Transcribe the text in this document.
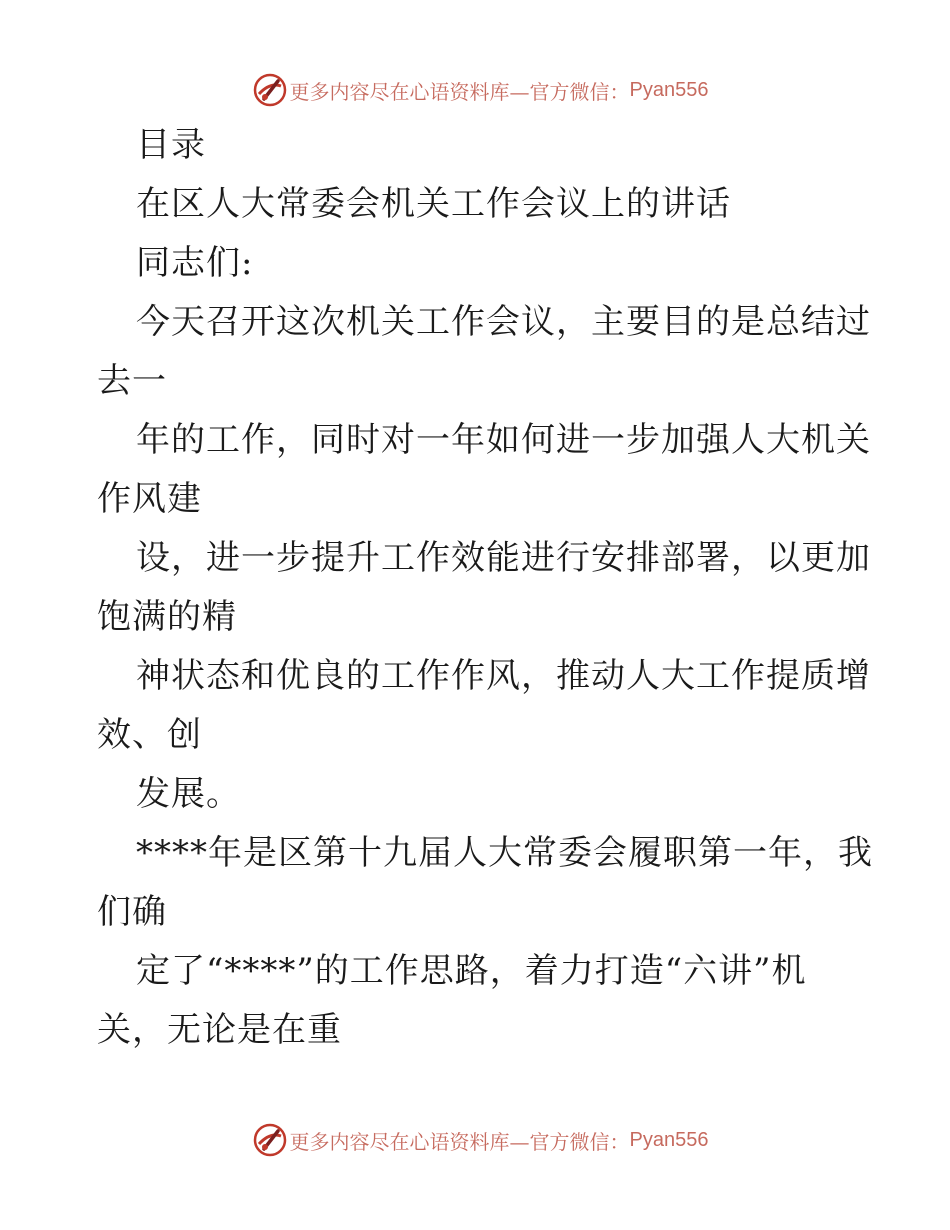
更多内容尽在心语资料库—官方微信： Pyan556
目录
在区人大常委会机关工作会议上的讲话
同志们:
今天召开这次机关工作会议，主要目的是总结过
去一
年的工作，同时对一年如何进一步加强人大机关
作风建
设，进一步提升工作效能进行安排部署，以更加
饱满的精
神状态和优良的工作作风，推动人大工作提质增
效、创
发展。
****年是区第十九届人大常委会履职第一年，我
们确
定了“****”的工作思路，着力打造“六讲”机
关，无论是在重
更多内容尽在心语资料库—官方微信： Pyan556
